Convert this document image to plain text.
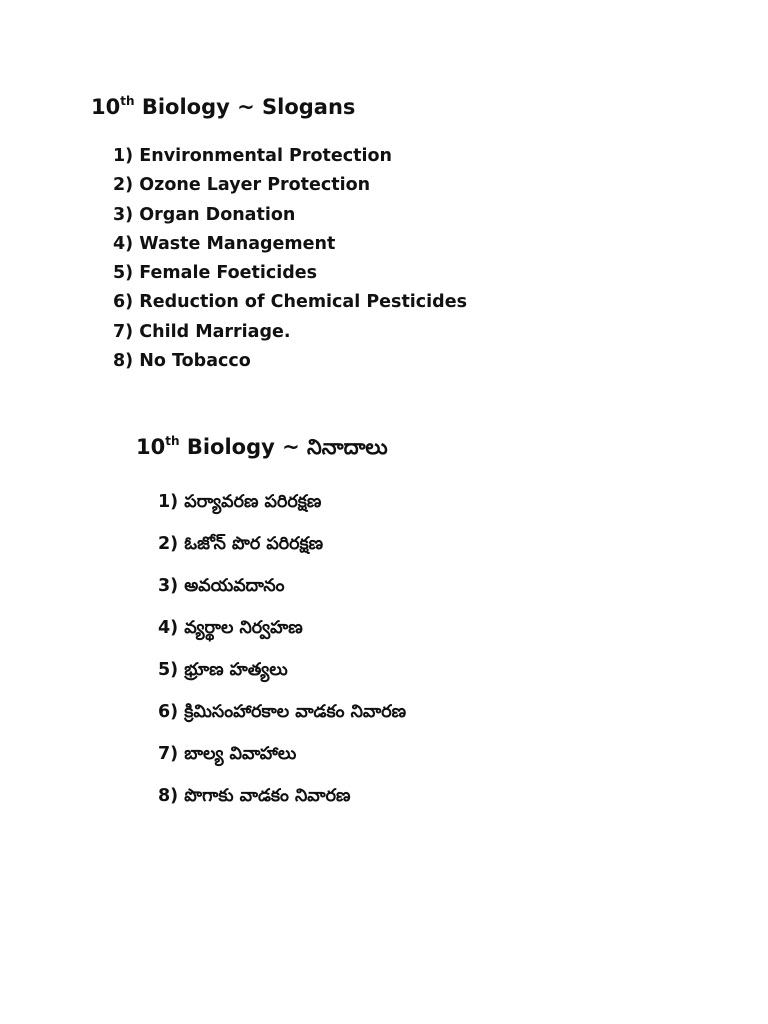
10th Biology ~ Slogans
1) Environmental Protection
2) Ozone Layer Protection
3) Organ Donation
4) Waste Management
5) Female Foeticides
6) Reduction of Chemical Pesticides
7) Child Marriage.
8) No Tobacco
10th Biology ~ నినాదాలు
1) పర్యావరణ పరిరక్షణ
2) ఓజోన్ పొర పరిరక్షణ
3) అవయవదానం
4) వ్యర్థాల నిర్వహణ
5) భ్రూణ హత్యలు
6) క్రిమిసంహారకాల వాడకం నివారణ
7) బాల్య వివాహాలు
8) పొగాకు వాడకం నివారణ
